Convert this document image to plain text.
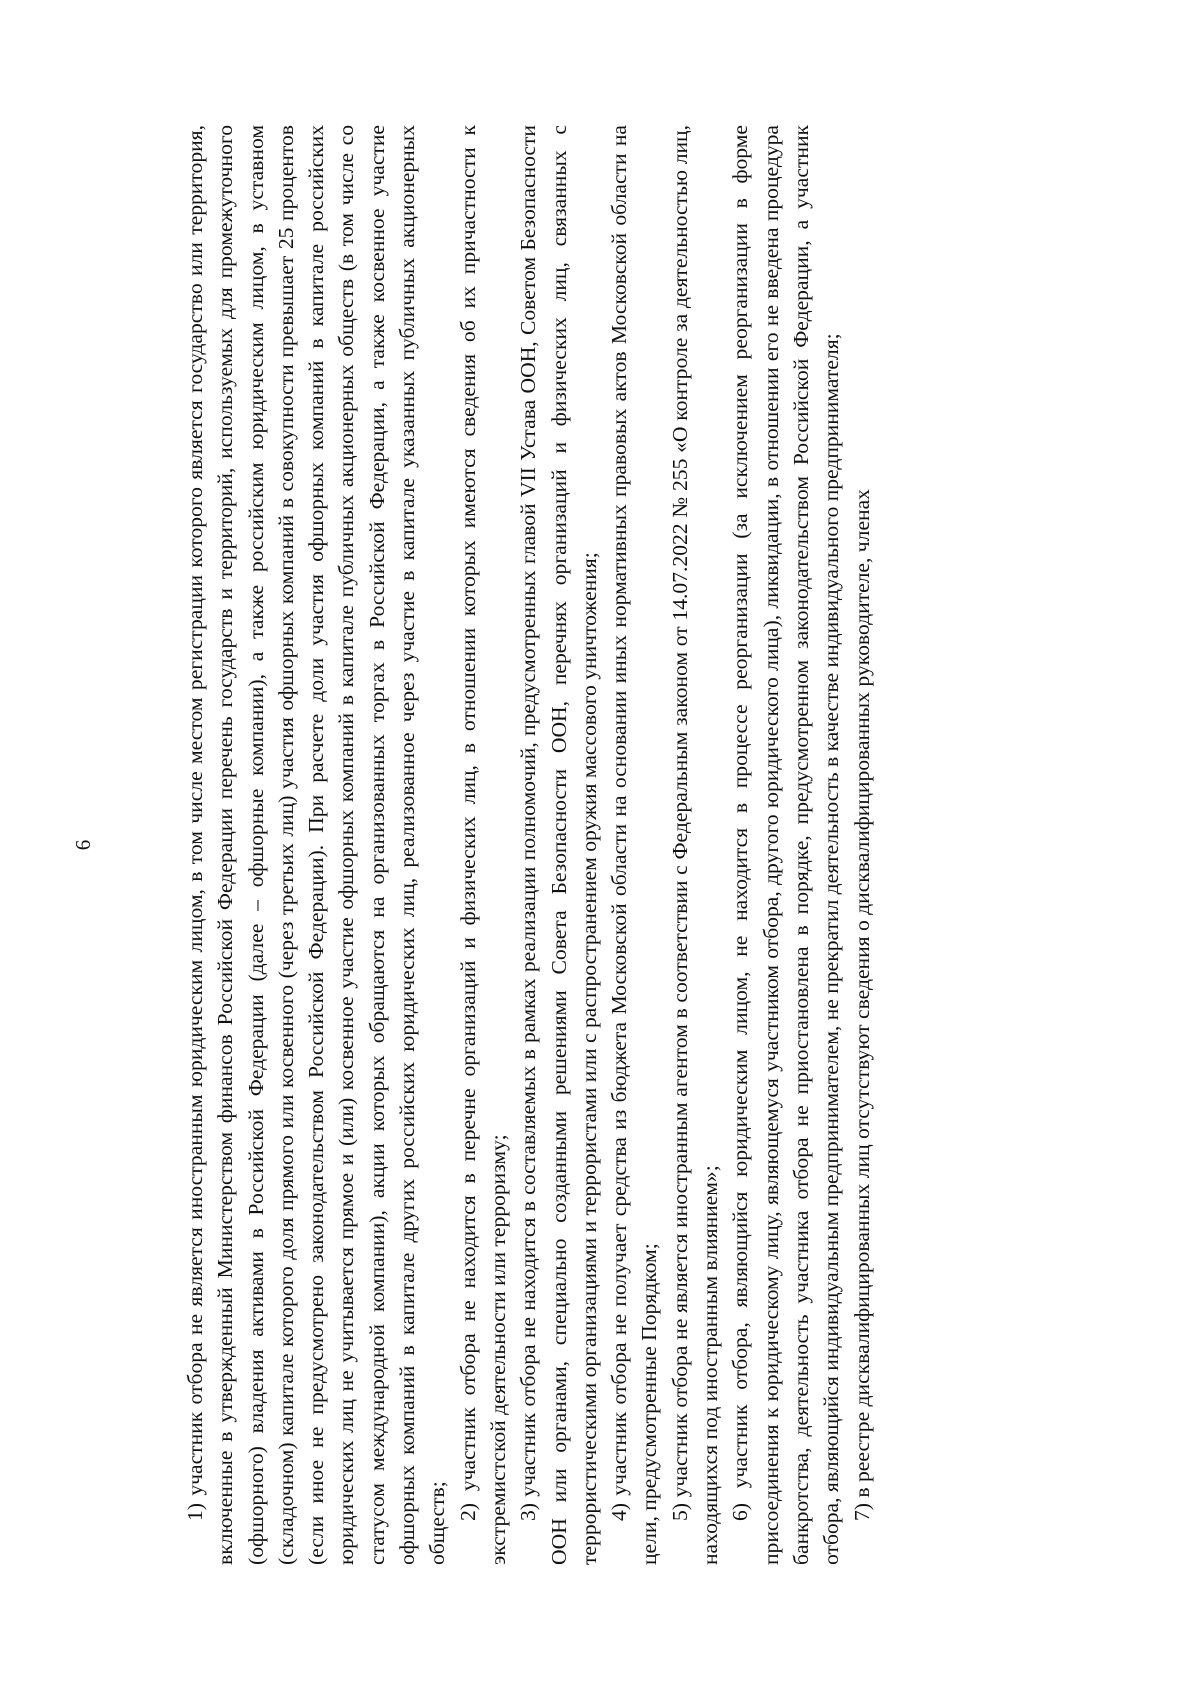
6	1) участник отбора не является иностранным юридическим лицом, в том числе местом регистрации которого является государство или территория, включенные в утвержденный Министерством финансов Российской Федерации перечень государств и территорий, используемых для промежуточного (офшорного) владения активами в Российской Федерации (далее – офшорные компании), а также российским юридическим лицом, в уставном (складочном) капитале которого доля прямого или косвенного (через третьих лиц) участия офшорных компаний в совокупности превышает 25 процентов (если иное не предусмотрено законодательством Российской Федерации). При расчете доли участия офшорных компаний в капитале российских юридических лиц не учитывается прямое и (или) косвенное участие офшорных компаний в капитале публичных акционерных обществ (в том числе со статусом международной компании), акции которых обращаются на организованных торгах в Российской Федерации, а также косвенное участие офшорных компаний в капитале других российских юридических лиц, реализованное через участие в капитале указанных публичных акционерных обществ;

2) участник отбора не находится в перечне организаций и физических лиц, в отношении которых имеются сведения об их причастности к экстремистской деятельности или терроризму; 3) участник отбора не находится в составляемых в рамках реализации полномочий, предусмотренных главой VII Устава ООН, Советом Безопасности ООН или органами, специально созданными решениями Совета Безопасности ООН, перечнях организаций и физических лиц, связанных с террористическими организациями и террористами или с распространением оружия массового уничтожения; 4) участник отбора не получает средства из бюджета Московской области на основании иных нормативных правовых актов Московской области на цели, предусмотренные Порядком; 5) участник отбора не является иностранным агентом в соответствии с Федеральным законом от 14.07.2022 № 255 «О контроле за деятельностью лиц, находящихся под иностранным влиянием»; 6) участник отбора, являющийся юридическим лицом, не находится в процессе реорганизации (за исключением реорганизации в форме присоединения к юридическому лицу, являющемуся участником отбора, другого юридического лица), ликвидации, в отношении его не введена процедура банкротства, деятельность участника отбора не приостановлена в порядке, предусмотренном законодательством Российской Федерации, а участник отбора, являющийся индивидуальным предпринимателем, не прекратил деятельность в качестве индивидуального предпринимателя; 7) в реестре дисквалифицированных лиц отсутствуют сведения о дисквалифицированных руководителе, членах
